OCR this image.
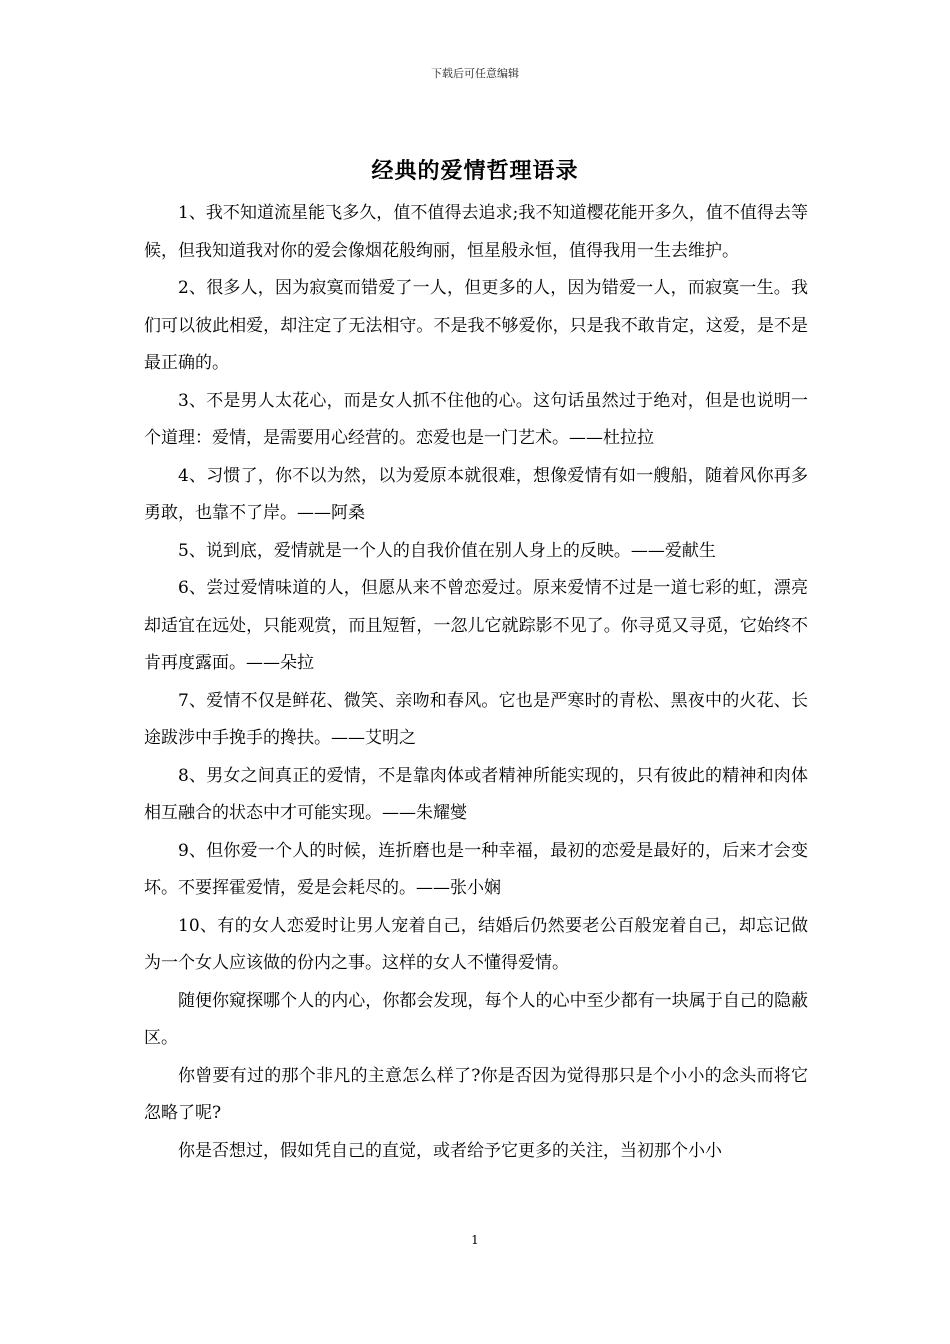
下载后可任意编辑
经典的爱情哲理语录

1、我不知道流星能飞多久，值不值得去追求;我不知道樱花能开多久，值不值得去等候，但我知道我对你的爱会像烟花般绚丽，恒星般永恒，值得我用一生去维护。

2、很多人，因为寂寞而错爱了一人，但更多的人，因为错爱一人，而寂寞一生。我们可以彼此相爱，却注定了无法相守。不是我不够爱你，只是我不敢肯定，这爱，是不是最正确的。

3、不是男人太花心，而是女人抓不住他的心。这句话虽然过于绝对，但是也说明一个道理：爱情，是需要用心经营的。恋爱也是一门艺术。——杜拉拉

4、习惯了，你不以为然，以为爱原本就很难，想像爱情有如一艘船，随着风你再多勇敢，也靠不了岸。——阿桑

5、说到底，爱情就是一个人的自我价值在别人身上的反映。——爱献生

6、尝过爱情味道的人，但愿从来不曾恋爱过。原来爱情不过是一道七彩的虹，漂亮却适宜在远处，只能观赏，而且短暂，一忽儿它就踪影不见了。你寻觅又寻觅，它始终不肯再度露面。——朵拉

7、爱情不仅是鲜花、微笑、亲吻和春风。它也是严寒时的青松、黑夜中的火花、长途跋涉中手挽手的搀扶。——艾明之

8、男女之间真正的爱情，不是靠肉体或者精神所能实现的，只有彼此的精神和肉体相互融合的状态中才可能实现。——朱耀燮

9、但你爱一个人的时候，连折磨也是一种幸福，最初的恋爱是最好的，后来才会变坏。不要挥霍爱情，爱是会耗尽的。——张小娴

10、有的女人恋爱时让男人宠着自己，结婚后仍然要老公百般宠着自己，却忘记做为一个女人应该做的份内之事。这样的女人不懂得爱情。

随便你窥探哪个人的内心，你都会发现，每个人的心中至少都有一块属于自己的隐蔽区。

你曾要有过的那个非凡的主意怎么样了?你是否因为觉得那只是个小小的念头而将它忽略了呢?

你是否想过，假如凭自己的直觉，或者给予它更多的关注，当初那个小小

1
